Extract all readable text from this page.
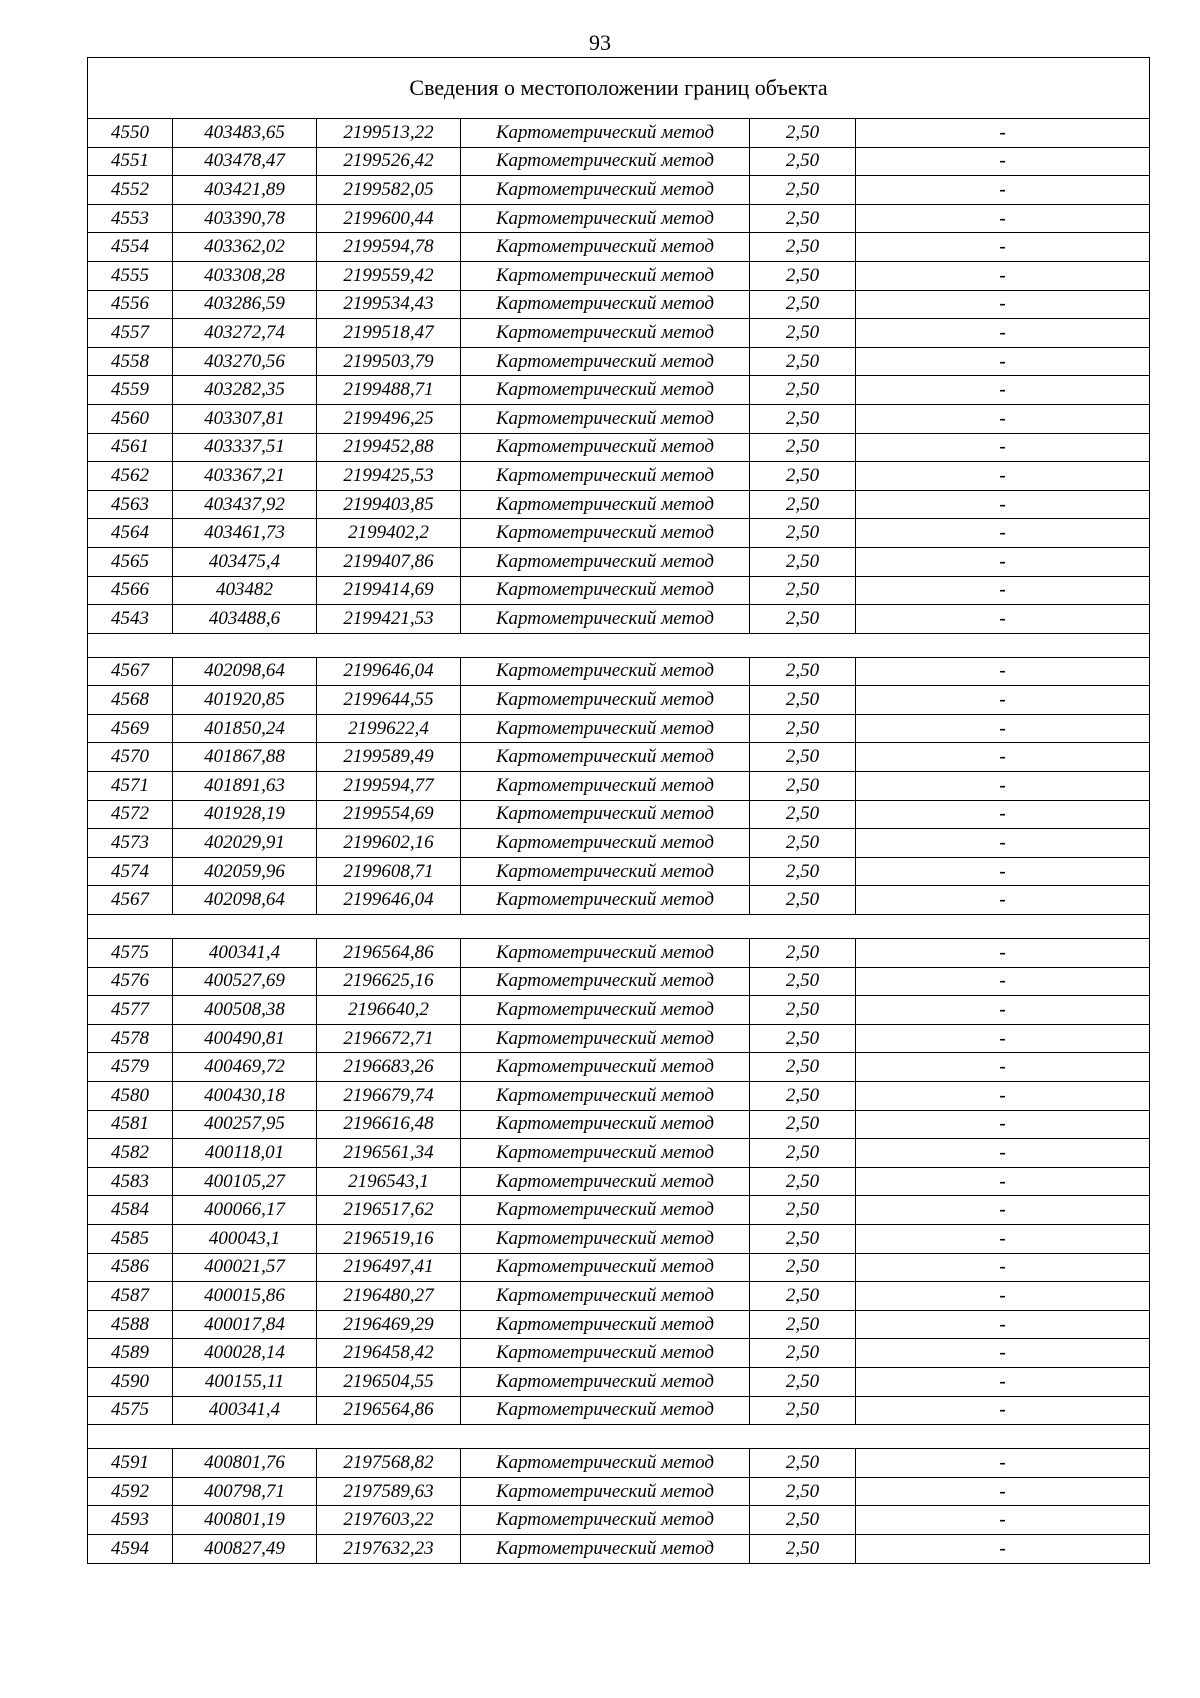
93
Сведения о местоположении границ объекта					
4550	403483,65	2199513,22	Картометрический метод	2,50	-
4551	403478,47	2199526,42	Картометрический метод	2,50	-
4552	403421,89	2199582,05	Картометрический метод	2,50	-
4553	403390,78	2199600,44	Картометрический метод	2,50	-
4554	403362,02	2199594,78	Картометрический метод	2,50	-
4555	403308,28	2199559,42	Картометрический метод	2,50	-
4556	403286,59	2199534,43	Картометрический метод	2,50	-
4557	403272,74	2199518,47	Картометрический метод	2,50	-
4558	403270,56	2199503,79	Картометрический метод	2,50	-
4559	403282,35	2199488,71	Картометрический метод	2,50	-
4560	403307,81	2199496,25	Картометрический метод	2,50	-
4561	403337,51	2199452,88	Картометрический метод	2,50	-
4562	403367,21	2199425,53	Картометрический метод	2,50	-
4563	403437,92	2199403,85	Картометрический метод	2,50	-
4564	403461,73	2199402,2	Картометрический метод	2,50	-
4565	403475,4	2199407,86	Картометрический метод	2,50	-
4566	403482	2199414,69	Картометрический метод	2,50	-
4543	403488,6	2199421,53	Картометрический метод	2,50	-

4567	402098,64	2199646,04	Картометрический метод	2,50	-
4568	401920,85	2199644,55	Картометрический метод	2,50	-
4569	401850,24	2199622,4	Картометрический метод	2,50	-
4570	401867,88	2199589,49	Картометрический метод	2,50	-
4571	401891,63	2199594,77	Картометрический метод	2,50	-
4572	401928,19	2199554,69	Картометрический метод	2,50	-
4573	402029,91	2199602,16	Картометрический метод	2,50	-
4574	402059,96	2199608,71	Картометрический метод	2,50	-
4567	402098,64	2199646,04	Картометрический метод	2,50	-

4575	400341,4	2196564,86	Картометрический метод	2,50	-
4576	400527,69	2196625,16	Картометрический метод	2,50	-
4577	400508,38	2196640,2	Картометрический метод	2,50	-
4578	400490,81	2196672,71	Картометрический метод	2,50	-
4579	400469,72	2196683,26	Картометрический метод	2,50	-
4580	400430,18	2196679,74	Картометрический метод	2,50	-
4581	400257,95	2196616,48	Картометрический метод	2,50	-
4582	400118,01	2196561,34	Картометрический метод	2,50	-
4583	400105,27	2196543,1	Картометрический метод	2,50	-
4584	400066,17	2196517,62	Картометрический метод	2,50	-
4585	400043,1	2196519,16	Картометрический метод	2,50	-
4586	400021,57	2196497,41	Картометрический метод	2,50	-
4587	400015,86	2196480,27	Картометрический метод	2,50	-
4588	400017,84	2196469,29	Картометрический метод	2,50	-
4589	400028,14	2196458,42	Картометрический метод	2,50	-
4590	400155,11	2196504,55	Картометрический метод	2,50	-
4575	400341,4	2196564,86	Картометрический метод	2,50	-

4591	400801,76	2197568,82	Картометрический метод	2,50	-
4592	400798,71	2197589,63	Картометрический метод	2,50	-
4593	400801,19	2197603,22	Картометрический метод	2,50	-
4594	400827,49	2197632,23	Картометрический метод	2,50	-
